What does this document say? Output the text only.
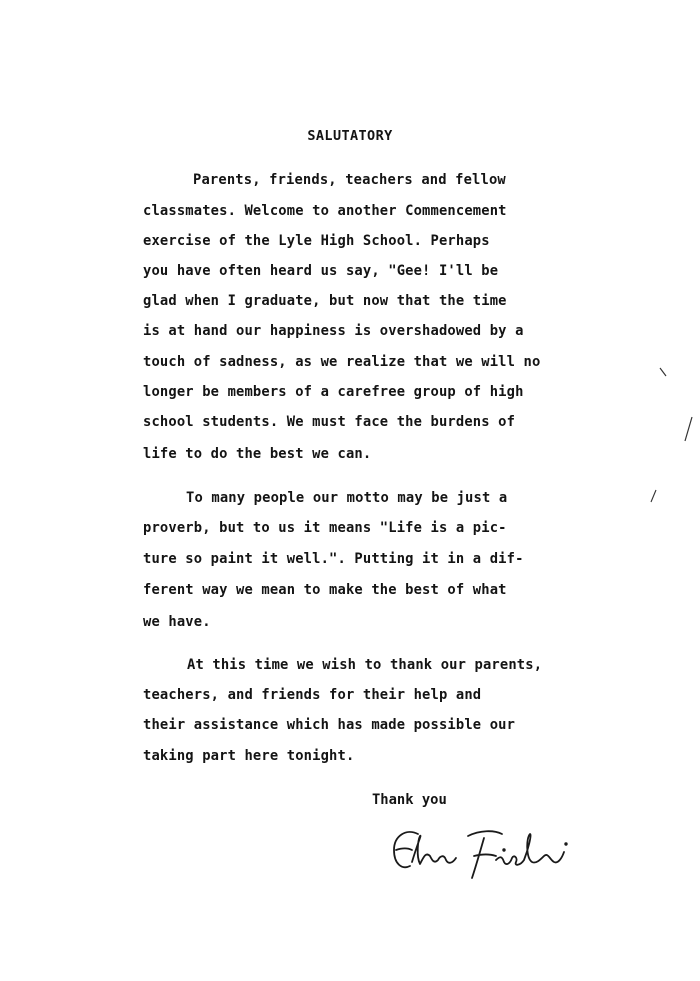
SALUTATORY
Parents, friends, teachers and fellow
classmates. Welcome to another Commencement
exercise of the Lyle High School. Perhaps
you have often heard us say, "Gee! I'll be
glad when I graduate, but now that the time
is at hand our happiness is overshadowed by a
touch of sadness, as we realize that we will no
longer be members of a carefree group of high
school students. We must face the burdens of
life to do the best we can.
To many people our motto may be just a
proverb, but to us it means "Life is a pic-
ture so paint it well.". Putting it in a dif-
ferent way we mean to make the best of what
we have.
At this time we wish to thank our parents,
teachers, and friends for their help and
their assistance which has made possible our
taking part here tonight.
Thank you
